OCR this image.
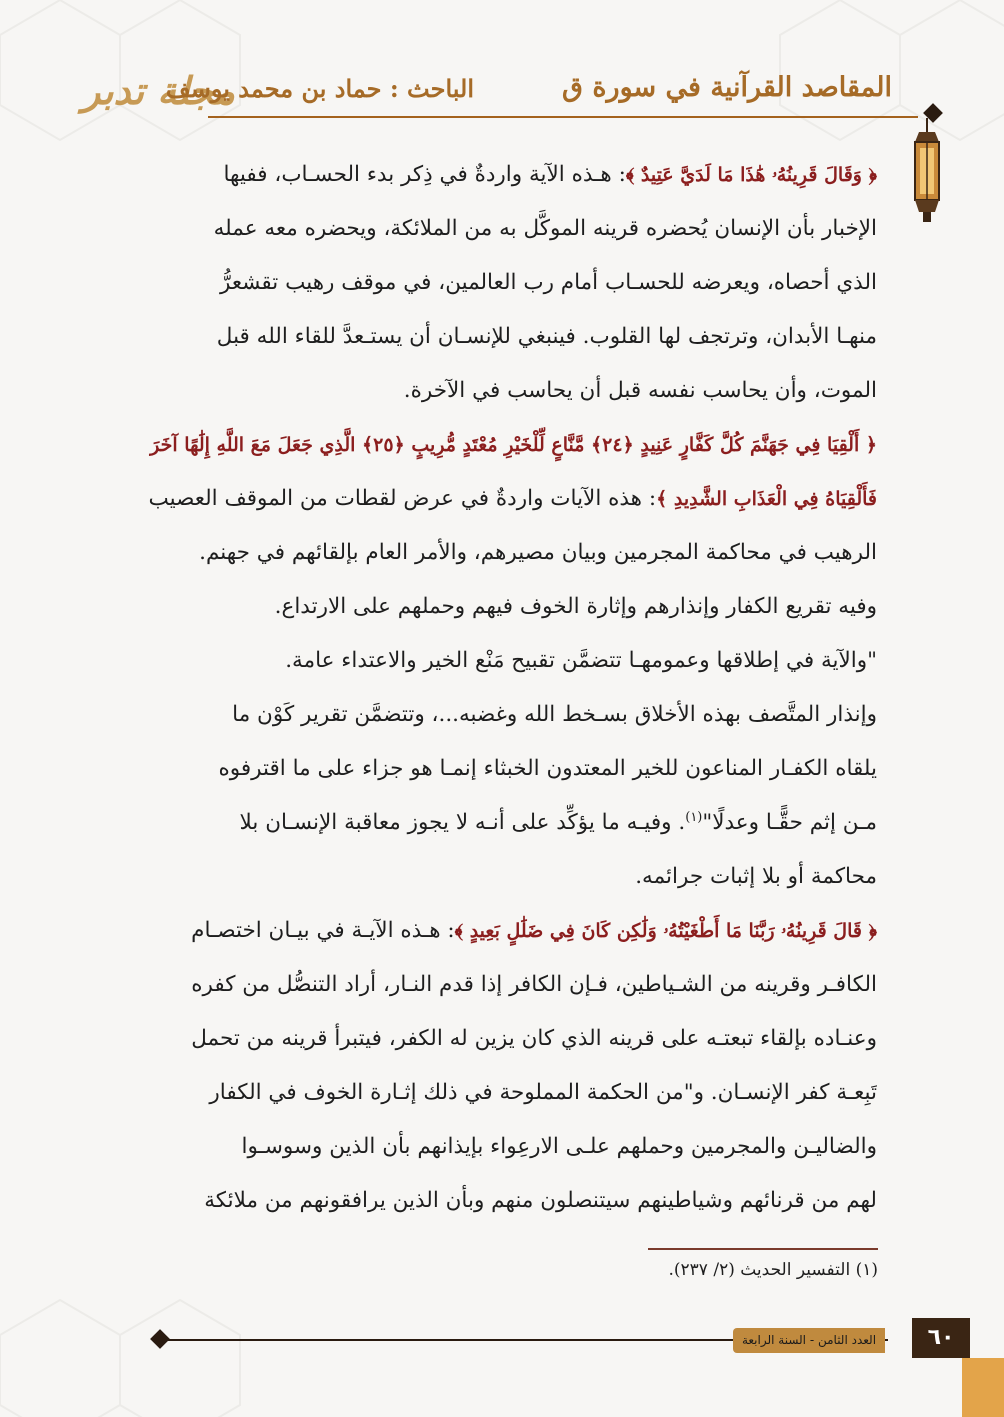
مجلة تدبر
الباحث : حماد بن محمد يوسف	المقاصد القرآنية في سورة ق
﴿ وَقَالَ قَرِينُهُۥ هَٰذَا مَا لَدَيَّ عَتِيدٌ ﴾: هـذه الآية واردةٌ في ذِكر بدء الحسـاب، ففيها
الإخبار بأن الإنسان يُحضره قرينه الموكَّل به من الملائكة، ويحضره معه عمله
الذي أحصاه، ويعرضه للحسـاب أمام رب العالمين، في موقف رهيب تقشعرُّ
منهـا الأبدان، وترتجف لها القلوب. فينبغي للإنسـان أن يستـعدَّ للقاء الله قبل
الموت، وأن يحاسب نفسه قبل أن يحاسب في الآخرة.
﴿ أَلْقِيَا فِي جَهَنَّمَ كُلَّ كَفَّارٍ عَنِيدٍ ﴿٢٤﴾ مَّنَّاعٍ لِّلْخَيْرِ مُعْتَدٍ مُّرِيبٍ ﴿٢٥﴾ الَّذِي جَعَلَ مَعَ اللَّهِ إِلَٰهًا آخَرَ
فَأَلْقِيَاهُ فِي الْعَذَابِ الشَّدِيدِ ﴾: هذه الآيات واردةٌ في عرض لقطات من الموقف العصيب
الرهيب في محاكمة المجرمين وبيان مصيرهم، والأمر العام بإلقائهم في جهنم.
وفيه تقريع الكفار وإنذارهم وإثارة الخوف فيهم وحملهم على الارتداع.
"والآية في إطلاقها وعمومهـا تتضمَّن تقبيح مَنْع الخير والاعتداء عامة.
وإنذار المتَّصف بهذه الأخلاق بسـخط الله وغضبه...، وتتضمَّن تقرير كَوْن ما
يلقاه الكفـار المناعون للخير المعتدون الخبثاء إنمـا هو جزاء على ما اقترفوه
مـن إثم حقًّـا وعدلًا"$^{(١)}$. وفيـه ما يؤكِّد على أنـه لا يجوز معاقبة الإنسـان بلا
محاكمة أو بلا إثبات جرائمه.
﴿ قَالَ قَرِينُهُۥ رَبَّنَا مَا أَطْغَيْتُهُۥ وَلَٰكِن كَانَ فِي ضَلَٰلٍ بَعِيدٍ ﴾: هـذه الآيـة في بيـان اختصـام
الكافـر وقرينه من الشـياطين، فـإن الكافر إذا قدم النـار، أراد التنصُّل من كفره
وعنـاده بإلقاء تبعتـه على قرينه الذي كان يزين له الكفر، فيتبرأ قرينه من تحمل
تَبِعـة كفر الإنسـان. و"من الحكمة المملوحة في ذلك إثـارة الخوف في الكفار
والضاليـن والمجرمين وحملهم علـى الارعِواء بإيذانهم بأن الذين وسوسـوا
لهم من قرنائهم وشياطينهم سيتنصلون منهم وبأن الذين يرافقونهم من ملائكة
(١) التفسير الحديث (٢/ ٢٣٧).
العدد الثامن - السنة الرابعة	٦٠
